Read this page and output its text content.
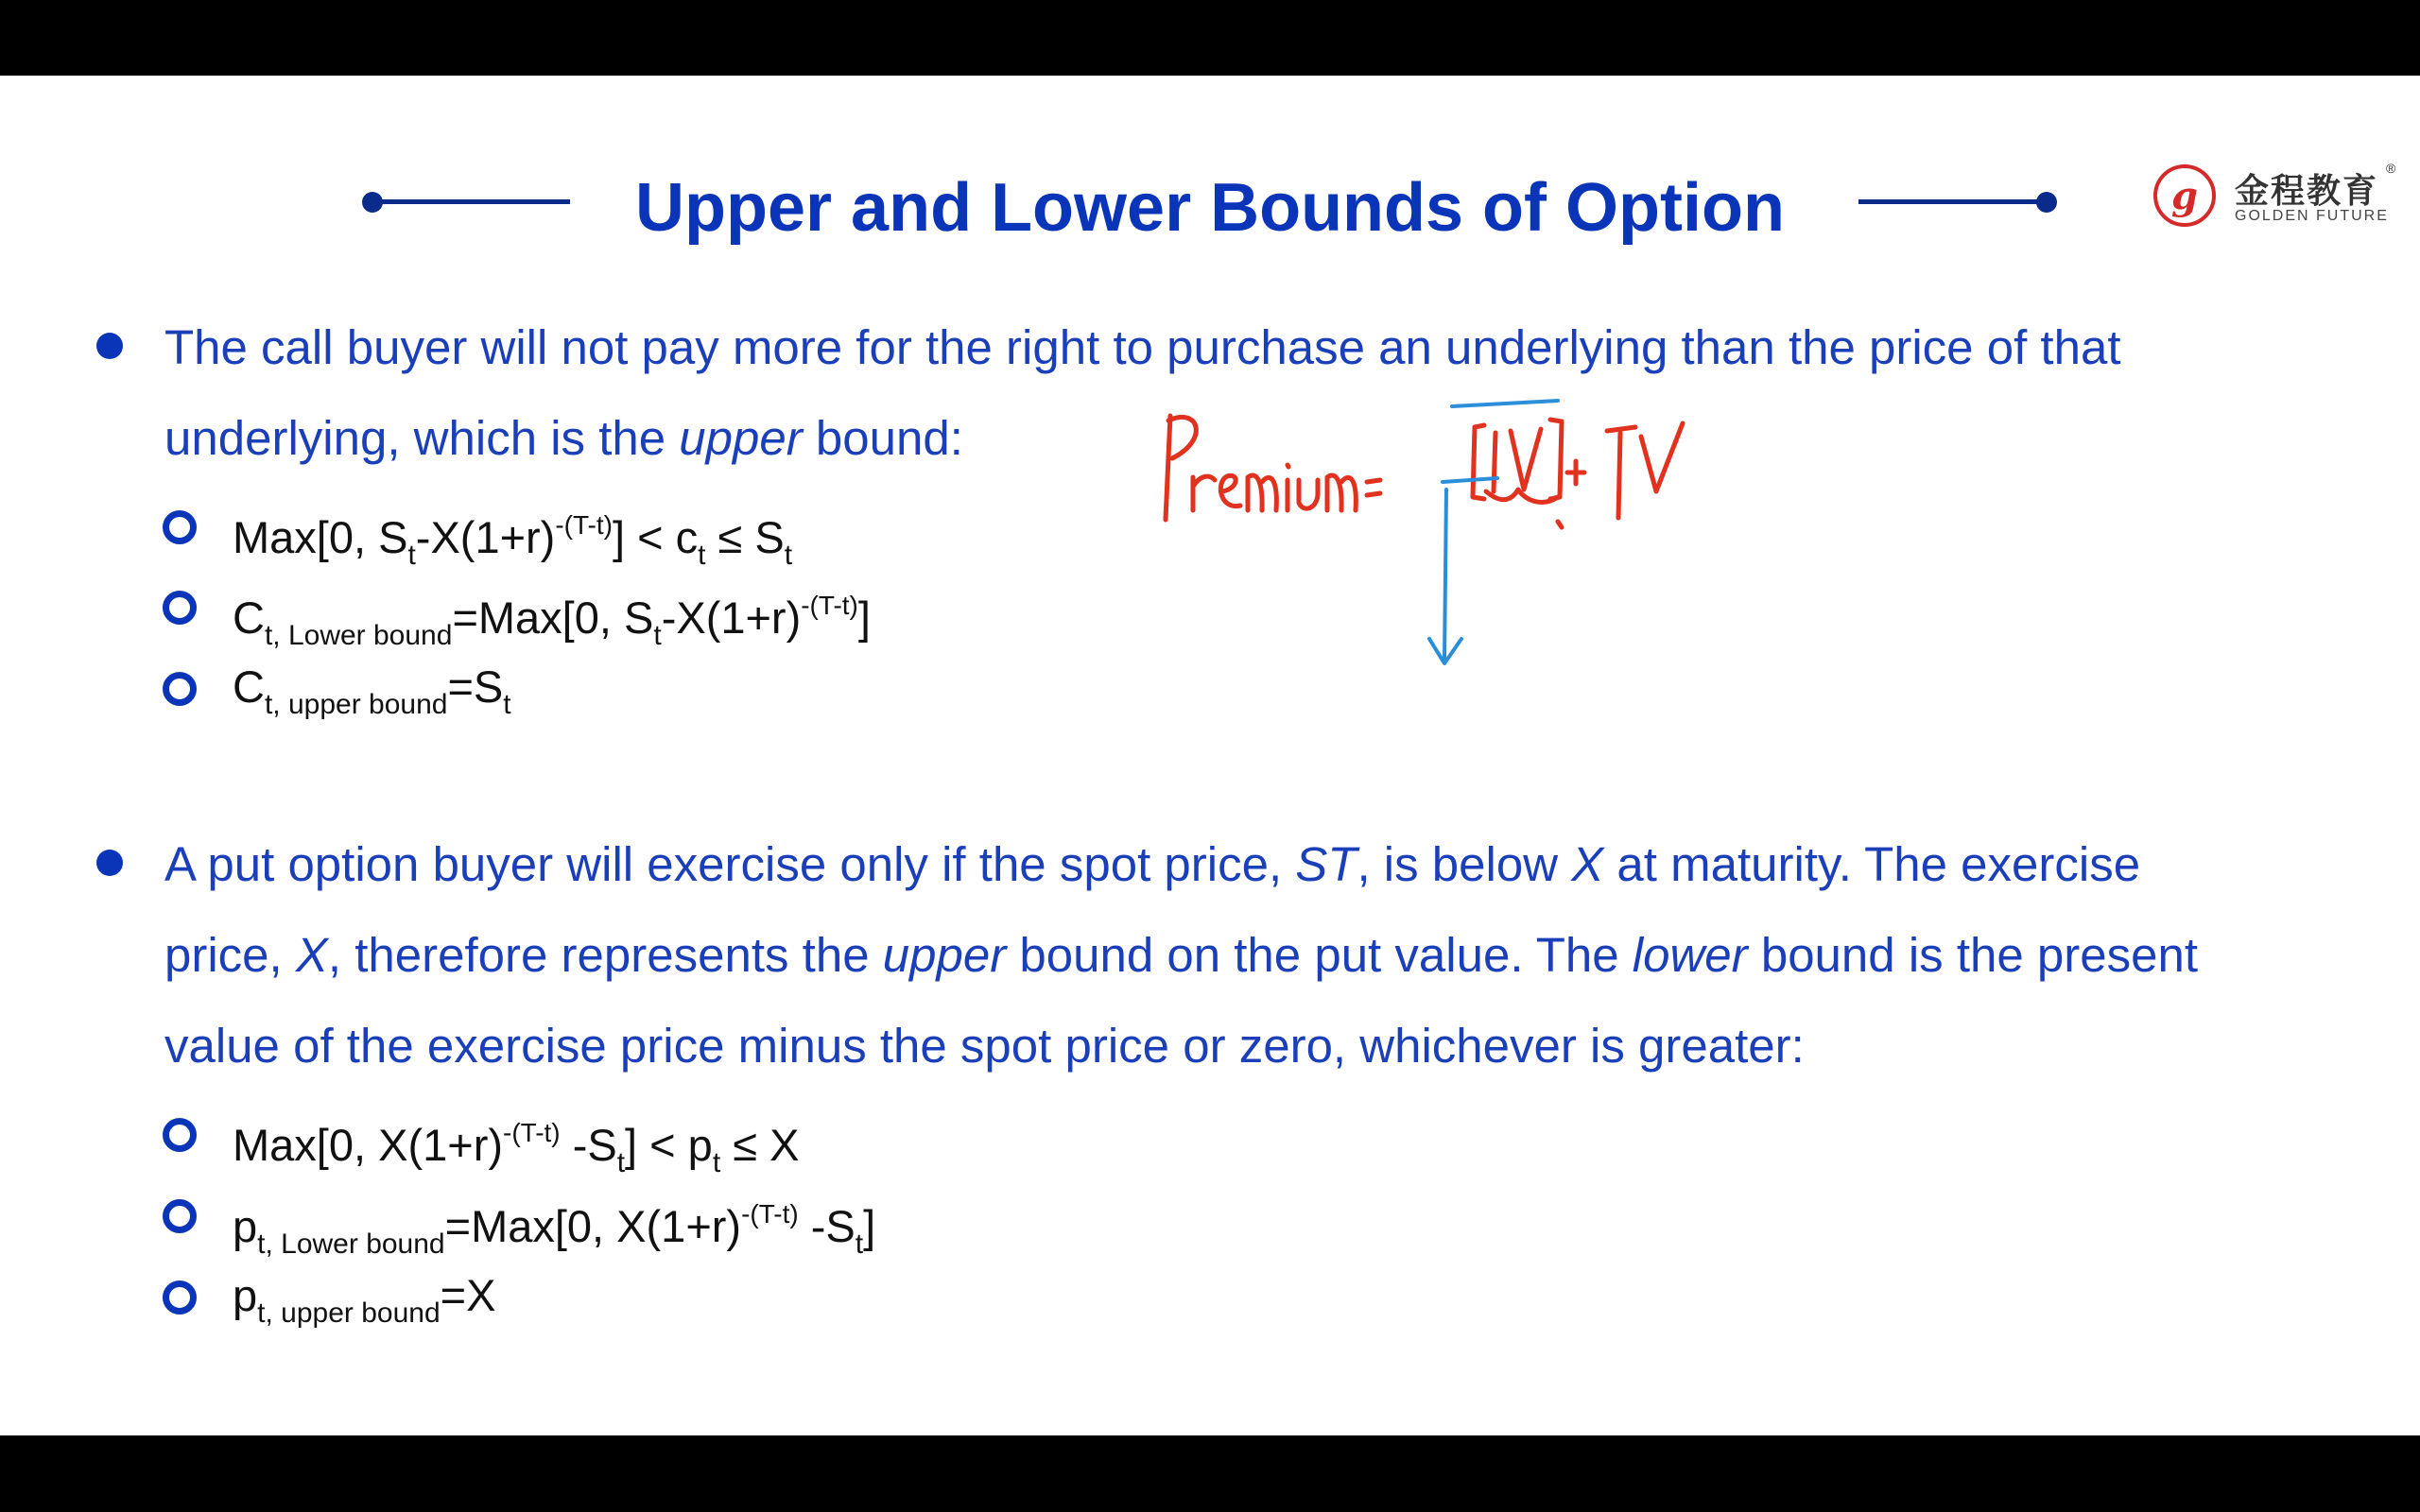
g	金程教育
®
GOLDEN FUTURE
Upper and Lower Bounds of Option
The call buyer will not pay more for the right to purchase an underlying than the price of that
underlying, which is the upper bound:
Max[0, $S_t-X(1+r)^{-(T-t)}] < c_t \le S_t$
$C_{t, Lower bound}=Max[0$, $S_t-X(1+r)^{-(T-t)}$]
$C_{t, upper bound}=S_t$
A put option buyer will exercise only if the spot price, ST, is below X at maturity. The exercise
price, X, therefore represents the upper bound on the put value. The lower bound is the present
value of the exercise price minus the spot price or zero, whichever is greater:
Max[0, $X(1+r)^{-(T-t)}$ $-S_t] < p_t \le X$
$p_{t, Lower bound}=Max[0$, $X(1+r)^{-(T-t)}$ $-S_t$]
$p_{t, upper bound}=X$
